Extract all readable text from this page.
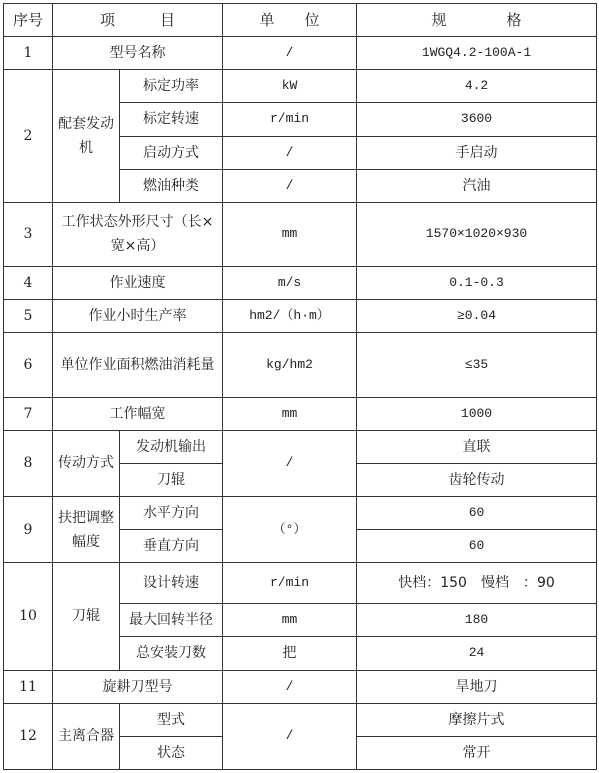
序号	项　　　目		单　　位	规　　　　格
1	型号名称		/	1WGQ4.2-100A-1
2	配套发动机	标定功率	kW	4.2
		标定转速	r/min	3600
		启动方式	/	手启动
		燃油种类	/	汽油
3	工作状态外形尺寸（长×宽×高）		mm	1570×1020×930
4	作业速度		m/s	0.1-0.3
5	作业小时生产率		hm2/（h·m）	≥0.04
6	单位作业面积燃油消耗量		kg/hm2	≤35
7	工作幅宽		mm	1000
8	传动方式	发动机输出	/	直联
		刀辊		齿轮传动
9	扶把调整幅度	水平方向	（°）	60
		垂直方向		60
10	刀辊	设计转速	r/min	快档：150　慢档　：90
		最大回转半径	mm	180
		总安装刀数	把	24
11	旋耕刀型号		/	旱地刀
12	主离合器	型式	/	摩擦片式
		状态		常开
